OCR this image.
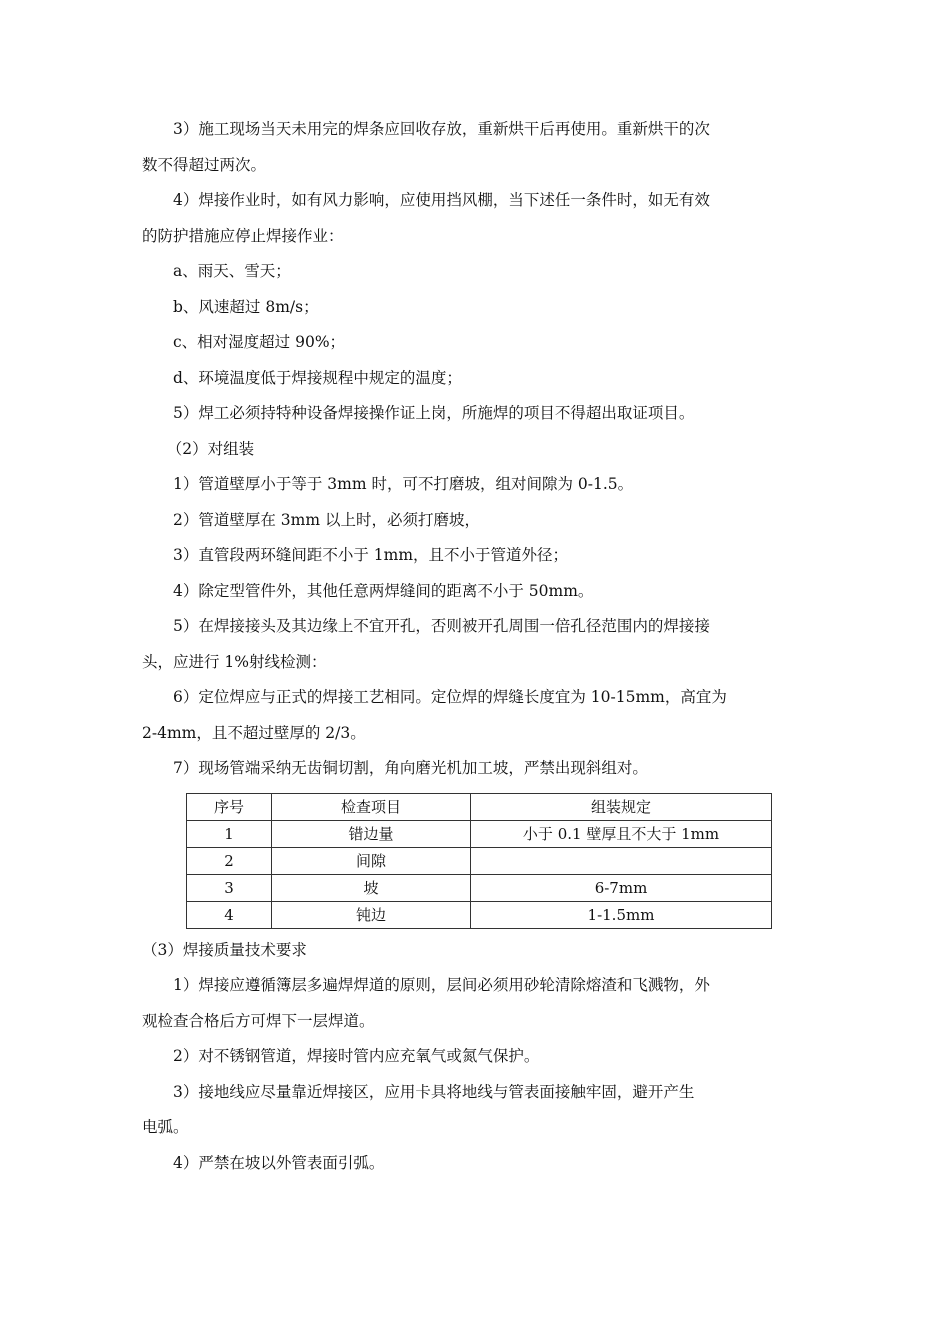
3）施工现场当天未用完的焊条应回收存放，重新烘干后再使用。重新烘干的次

数不得超过两次。

4）焊接作业时，如有风力影响，应使用挡风棚，当下述任一条件时，如无有效

的防护措施应停止焊接作业：

a、雨天、雪天；

b、风速超过 8m/s；

c、相对湿度超过 90%；

d、环境温度低于焊接规程中规定的温度；

5）焊工必须持特种设备焊接操作证上岗，所施焊的项目不得超出取证项目。

（2）对组装

1）管道壁厚小于等于 3mm 时，可不打磨坡，组对间隙为 0-1.5。

2）管道壁厚在 3mm 以上时，必须打磨坡，

3）直管段两环缝间距不小于 1mm，且不小于管道外径；

4）除定型管件外，其他任意两焊缝间的距离不小于 50mm。

5）在焊接接头及其边缘上不宜开孔，否则被开孔周围一倍孔径范围内的焊接接

头，应进行 1%射线检测：

6）定位焊应与正式的焊接工艺相同。定位焊的焊缝长度宜为 10-15mm，高宜为

2-4mm，且不超过壁厚的 2/3。

7）现场管端采纳无齿铜切割，角向磨光机加工坡，严禁出现斜组对。

序号	检查项目	组装规定
1	错边量	小于 0.1 壁厚且不大于 1mm
2	间隙	
3	坡	6-7mm
4	钝边	1-1.5mm

（3）焊接质量技术要求

1）焊接应遵循簿层多遍焊焊道的原则，层间必须用砂轮清除熔渣和飞溅物，外

观检查合格后方可焊下一层焊道。

2）对不锈钢管道，焊接时管内应充氧气或氮气保护。

3）接地线应尽量靠近焊接区，应用卡具将地线与管表面接触牢固，避开产生

电弧。

4）严禁在坡以外管表面引弧。
